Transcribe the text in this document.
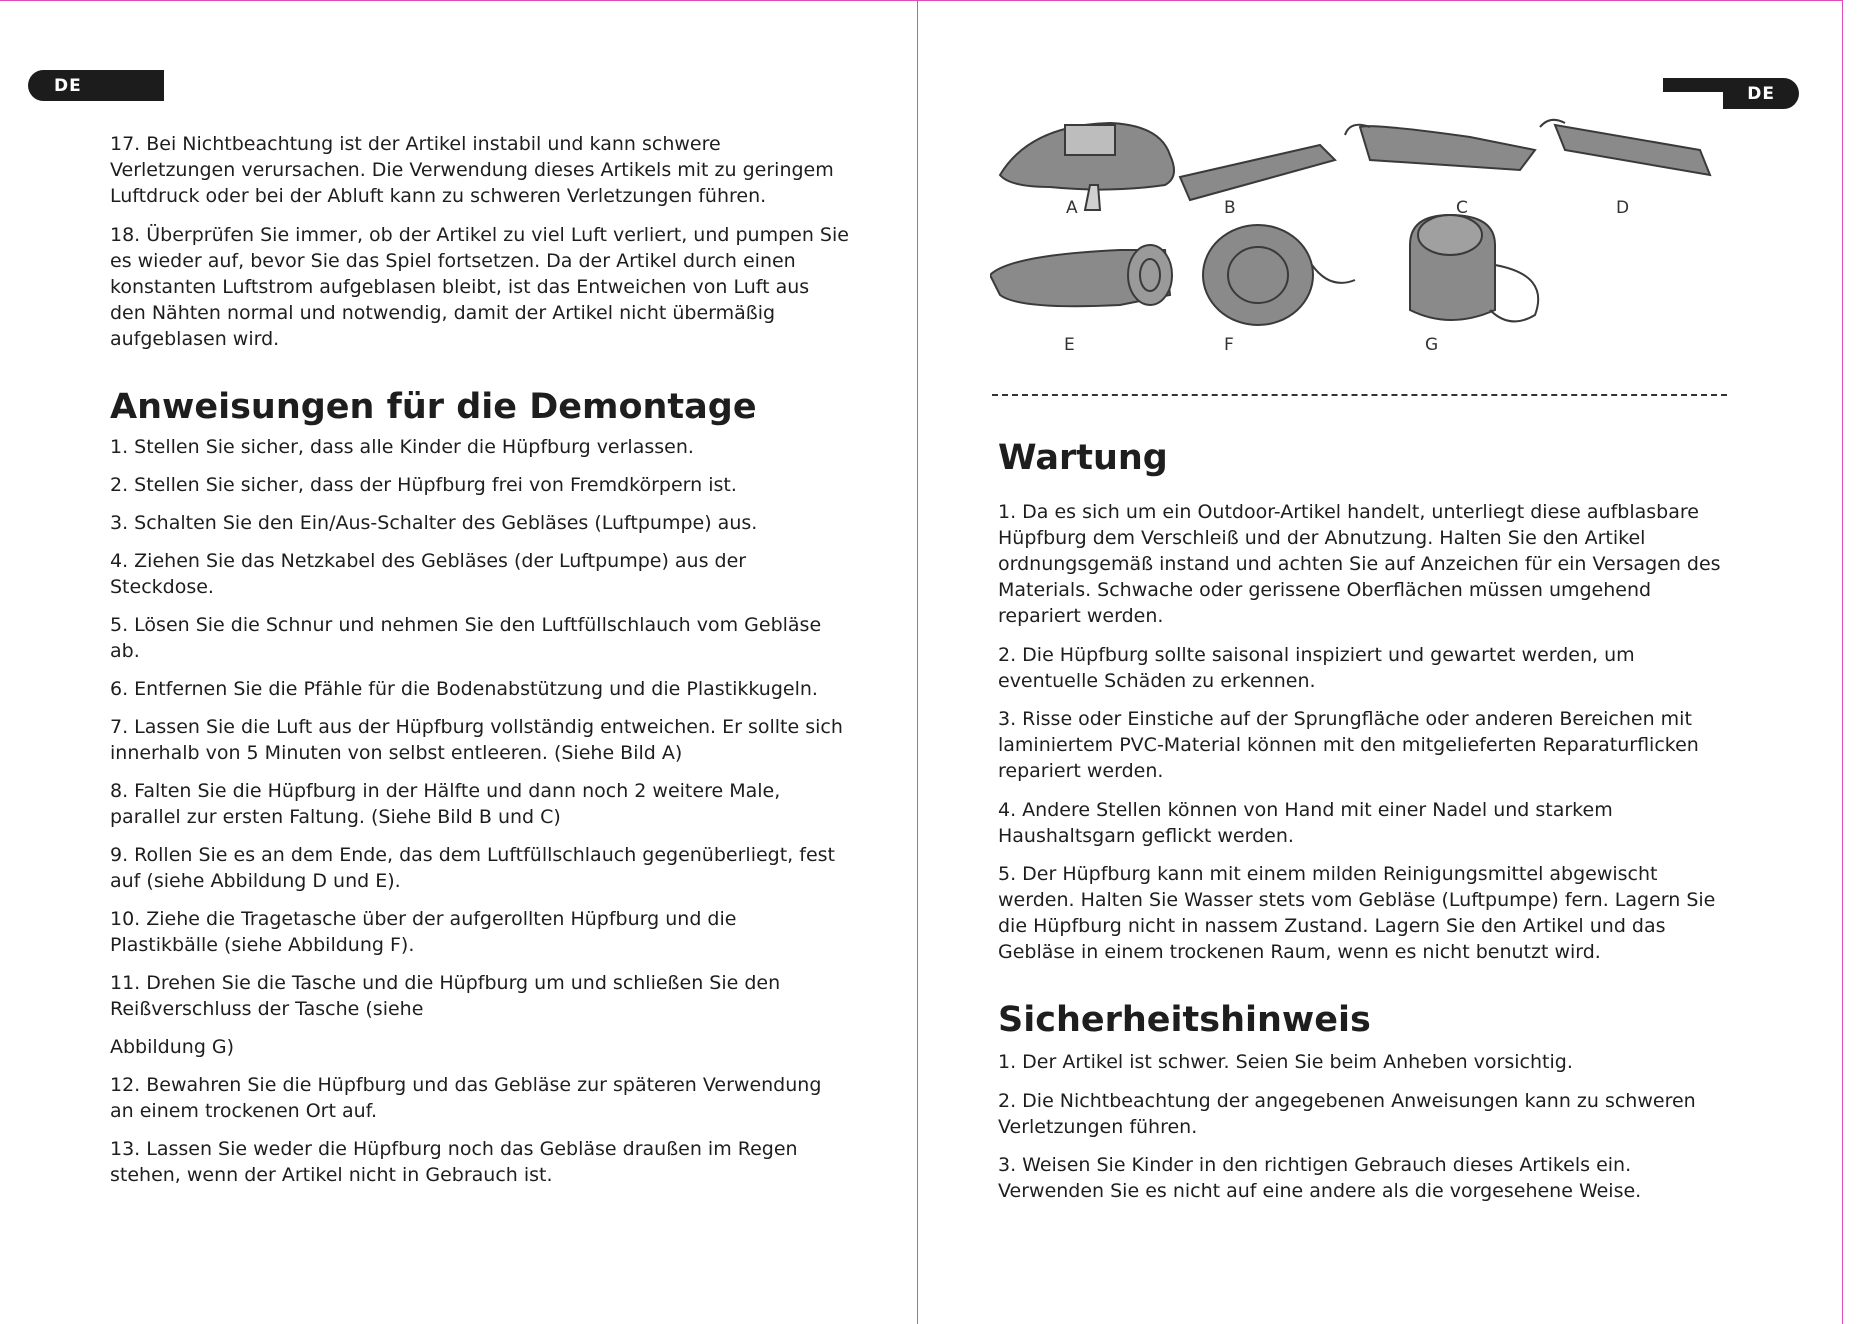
DE

17. Bei Nichtbeachtung ist der Artikel instabil und kann schwere Verletzungen verursachen. Die Verwendung dieses Artikels mit zu geringem Luftdruck oder bei der Abluft kann zu schweren Verletzungen führen.

18. Überprüfen Sie immer, ob der Artikel zu viel Luft verliert, und pumpen Sie es wieder auf, bevor Sie das Spiel fortsetzen. Da der Artikel durch einen konstanten Luftstrom aufgeblasen bleibt, ist das Entweichen von Luft aus den Nähten normal und notwendig, damit der Artikel nicht übermäßig aufgeblasen wird.

Anweisungen für die Demontage

1. Stellen Sie sicher, dass alle Kinder die Hüpfburg verlassen.

2. Stellen Sie sicher, dass der Hüpfburg frei von Fremdkörpern ist.

3. Schalten Sie den Ein/Aus-Schalter des Gebläses (Luftpumpe) aus.

4. Ziehen Sie das Netzkabel des Gebläses (der Luftpumpe) aus der Steckdose.

5. Lösen Sie die Schnur und nehmen Sie den Luftfüllschlauch vom Gebläse ab.

6. Entfernen Sie die Pfähle für die Bodenabstützung und die Plastikkugeln.

7. Lassen Sie die Luft aus der Hüpfburg vollständig entweichen. Er sollte sich innerhalb von 5 Minuten von selbst entleeren. (Siehe Bild A)

8. Falten Sie die Hüpfburg in der Hälfte und dann noch 2 weitere Male, parallel zur ersten Faltung. (Siehe Bild B und C)

9. Rollen Sie es an dem Ende, das dem Luftfüllschlauch gegenüberliegt, fest auf (siehe Abbildung D und E).

10. Ziehe die Tragetasche über der aufgerollten Hüpfburg und die Plastikbälle (siehe Abbildung F).

11. Drehen Sie die Tasche und die Hüpfburg um und schließen Sie den Reißverschluss der Tasche (siehe

Abbildung G)

12. Bewahren Sie die Hüpfburg und das Gebläse zur späteren Verwendung an einem trockenen Ort auf.

13. Lassen Sie weder die Hüpfburg noch das Gebläse draußen im Regen stehen, wenn der Artikel nicht in Gebrauch ist.

DE
A	B	C	D
E	F	G
Wartung

1. Da es sich um ein Outdoor-Artikel handelt, unterliegt diese aufblasbare Hüpfburg dem Verschleiß und der Abnutzung. Halten Sie den Artikel ordnungsgemäß instand und achten Sie auf Anzeichen für ein Versagen des Materials. Schwache oder gerissene Oberflächen müssen umgehend repariert werden.

2. Die Hüpfburg sollte saisonal inspiziert und gewartet werden, um eventuelle Schäden zu erkennen.

3. Risse oder Einstiche auf der Sprungfläche oder anderen Bereichen mit laminiertem PVC-Material können mit den mitgelieferten Reparaturflicken repariert werden.

4. Andere Stellen können von Hand mit einer Nadel und starkem Haushaltsgarn geflickt werden.

5. Der Hüpfburg kann mit einem milden Reinigungsmittel abgewischt werden. Halten Sie Wasser stets vom Gebläse (Luftpumpe) fern. Lagern Sie die Hüpfburg nicht in nassem Zustand. Lagern Sie den Artikel und das Gebläse in einem trockenen Raum, wenn es nicht benutzt wird.

Sicherheitshinweis

1. Der Artikel ist schwer. Seien Sie beim Anheben vorsichtig.

2. Die Nichtbeachtung der angegebenen Anweisungen kann zu schweren Verletzungen führen.

3. Weisen Sie Kinder in den richtigen Gebrauch dieses Artikels ein. Verwenden Sie es nicht auf eine andere als die vorgesehene Weise.
